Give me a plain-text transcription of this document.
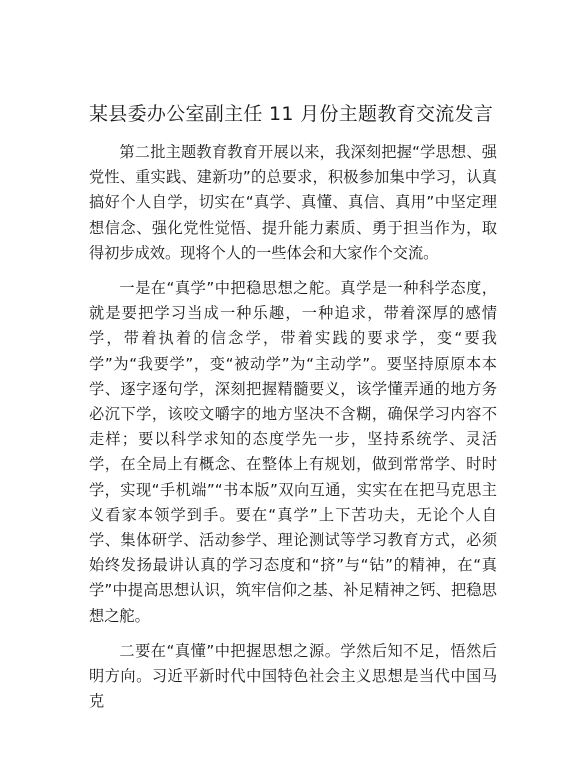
某县委办公室副主任 11 月份主题教育交流发言

第二批主题教育教育开展以来，我深刻把握“学思想、强党性、重实践、建新功”的总要求，积极参加集中学习，认真搞好个人自学，切实在“真学、真懂、真信、真用”中坚定理想信念、强化党性觉悟、提升能力素质、勇于担当作为，取得初步成效。现将个人的一些体会和大家作个交流。

一是在“真学”中把稳思想之舵。真学是一种科学态度，就是要把学习当成一种乐趣，一种追求，带着深厚的感情学，带着执着的信念学，带着实践的要求学，变“要我学”为“我要学”，变“被动学”为“主动学”。要坚持原原本本学、逐字逐句学，深刻把握精髓要义，该学懂弄通的地方务必沉下学，该咬文嚼字的地方坚决不含糊，确保学习内容不走样；要以科学求知的态度学先一步，坚持系统学、灵活学，在全局上有概念、在整体上有规划，做到常常学、时时学，实现“手机端”“书本版”双向互通，实实在在把马克思主义看家本领学到手。要在“真学”上下苦功夫，无论个人自学、集体研学、活动参学、理论测试等学习教育方式，必须始终发扬最讲认真的学习态度和“挤”与“钻”的精神，在“真学”中提高思想认识，筑牢信仰之基、补足精神之钙、把稳思想之舵。

二要在“真懂”中把握思想之源。学然后知不足，悟然后明方向。习近平新时代中国特色社会主义思想是当代中国马克
